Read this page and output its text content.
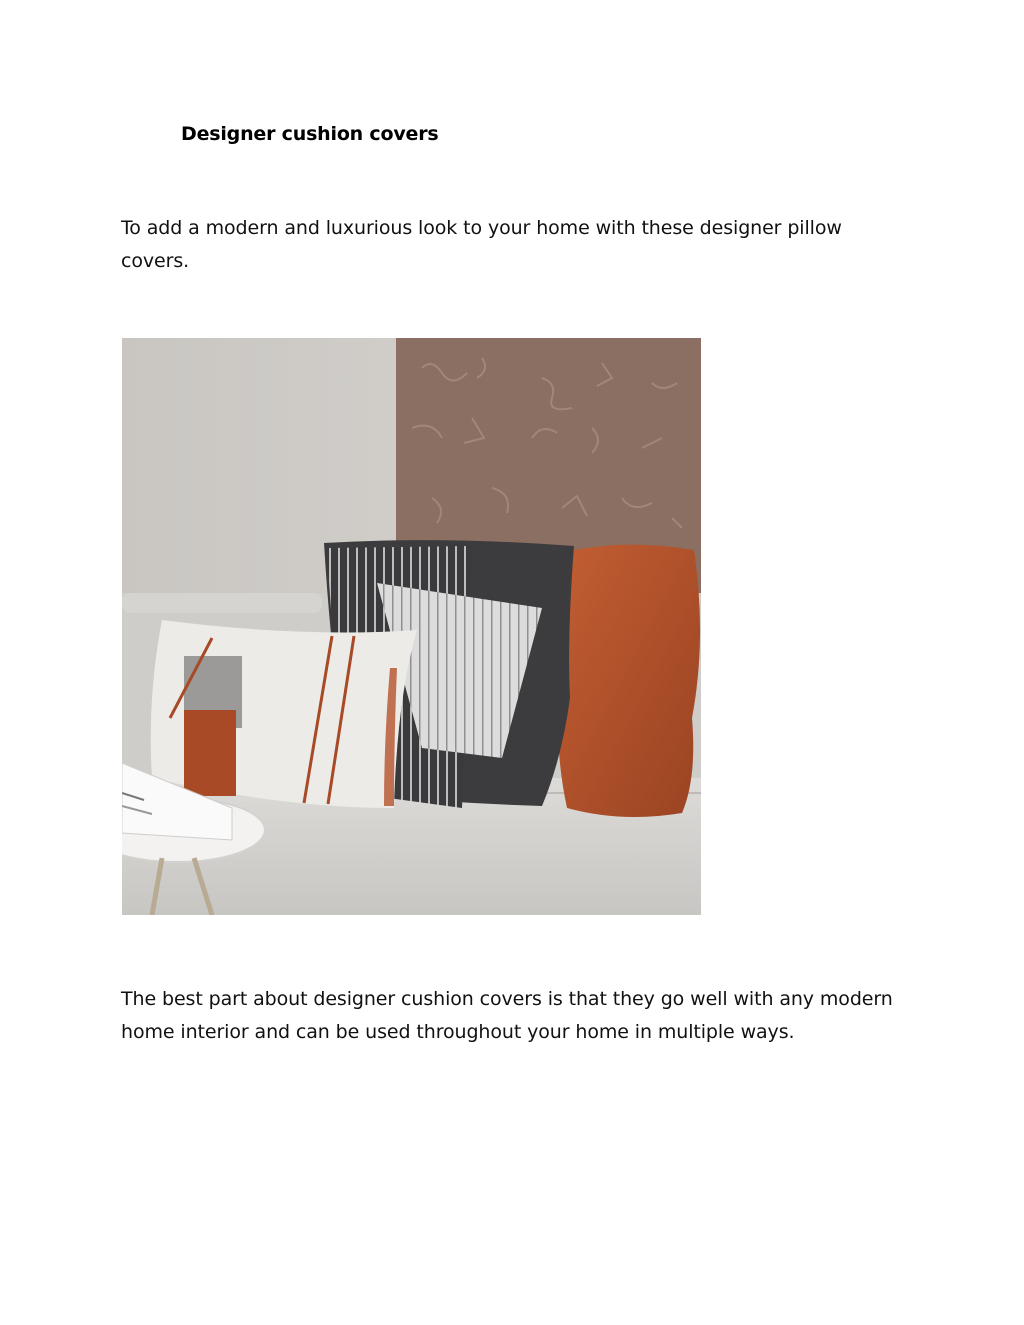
Designer cushion covers

To add a modern and luxurious look to your home with these designer pillow covers.

The best part about designer cushion covers is that they go well with any modern home interior and can be used throughout your home in multiple ways.
